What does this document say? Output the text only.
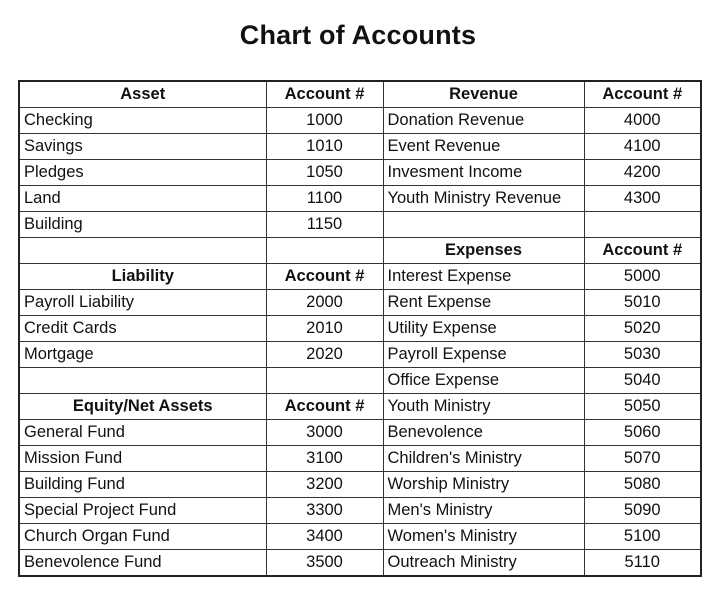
Chart of Accounts
Asset	Account #	Revenue	Account #
Checking	1000	Donation Revenue	4000
Savings	1010	Event Revenue	4100
Pledges	1050	Invesment Income	4200
Land	1100	Youth Ministry Revenue	4300
Building	1150		
		Expenses	Account #
Liability	Account #	Interest Expense	5000
Payroll Liability	2000	Rent Expense	5010
Credit Cards	2010	Utility Expense	5020
Mortgage	2020	Payroll Expense	5030
		Office Expense	5040
Equity/Net Assets	Account #	Youth Ministry	5050
General Fund	3000	Benevolence	5060
Mission Fund	3100	Children's Ministry	5070
Building Fund	3200	Worship Ministry	5080
Special Project Fund	3300	Men's Ministry	5090
Church Organ Fund	3400	Women's Ministry	5100
Benevolence Fund	3500	Outreach Ministry	5110
